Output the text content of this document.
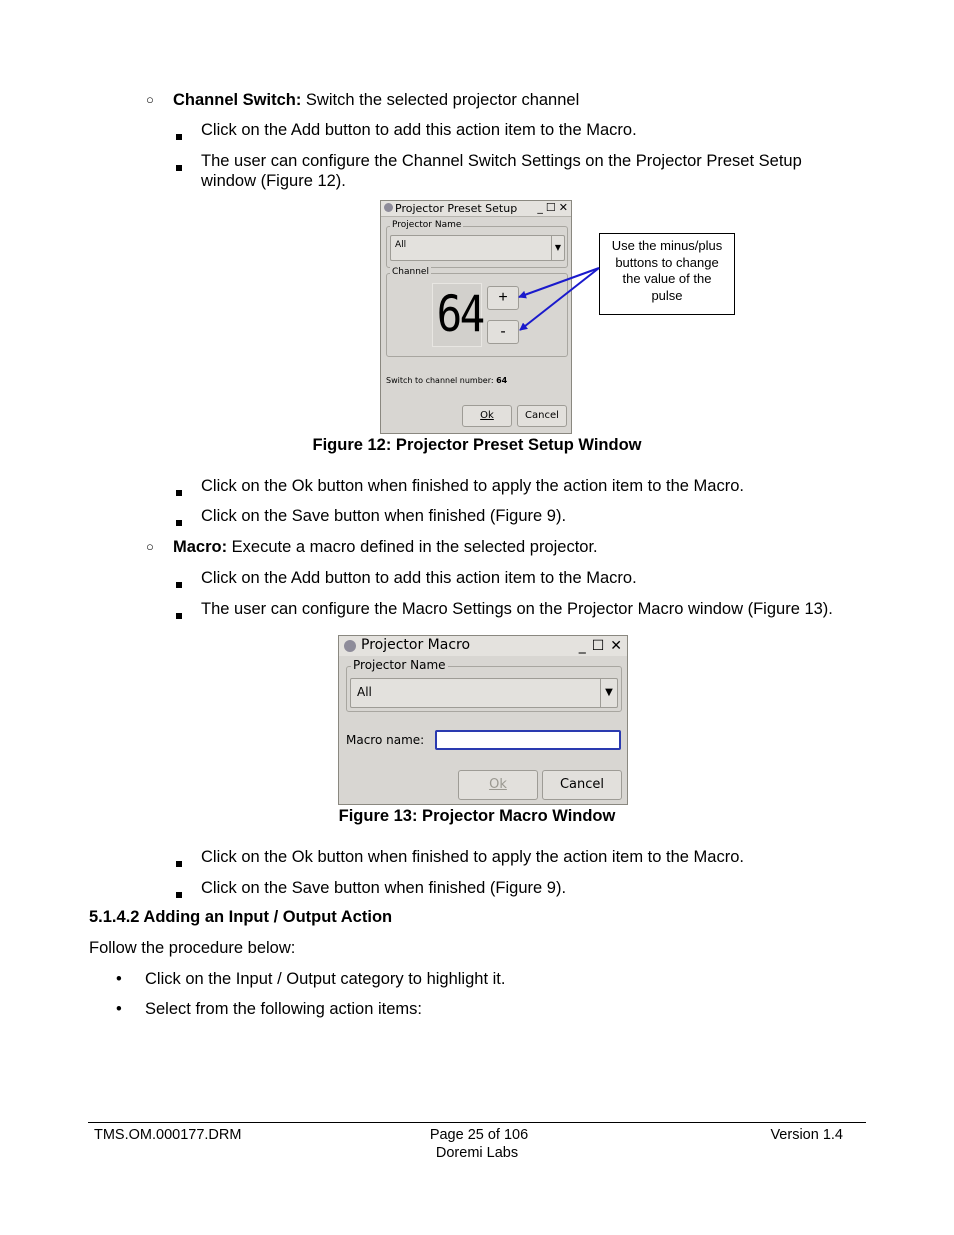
○ Channel Switch: Switch the selected projector channel
Click on the Add button to add this action item to the Macro.
The user can configure the Channel Switch Settings on the Projector Preset Setup
window (Figure 12).
Projector Preset Setup _ ☐ ✕
Projector Name
All	▼
Channel
Switch to channel number: 64
Ok	Cancel
64 +
-
Use the minus/plus
buttons to change
the value of the
pulse
Figure 12: Projector Preset Setup Window
Click on the Ok button when finished to apply the action item to the Macro.
Click on the Save button when finished (Figure 9).
○ Macro: Execute a macro defined in the selected projector.
Click on the Add button to add this action item to the Macro.
The user can configure the Macro Settings on the Projector Macro window (Figure 13).
Projector Macro	_ ☐ ✕
Projector Name
All	▼
Macro name:
Ok	Cancel
Figure 13: Projector Macro Window
Click on the Ok button when finished to apply the action item to the Macro.
Click on the Save button when finished (Figure 9).
5.1.4.2 Adding an Input / Output Action
Follow the procedure below:
• Click on the Input / Output category to highlight it.
• Select from the following action items:
TMS.OM.000177.DRM	Page 25 of 106
Doremi Labs
Version 1.4
